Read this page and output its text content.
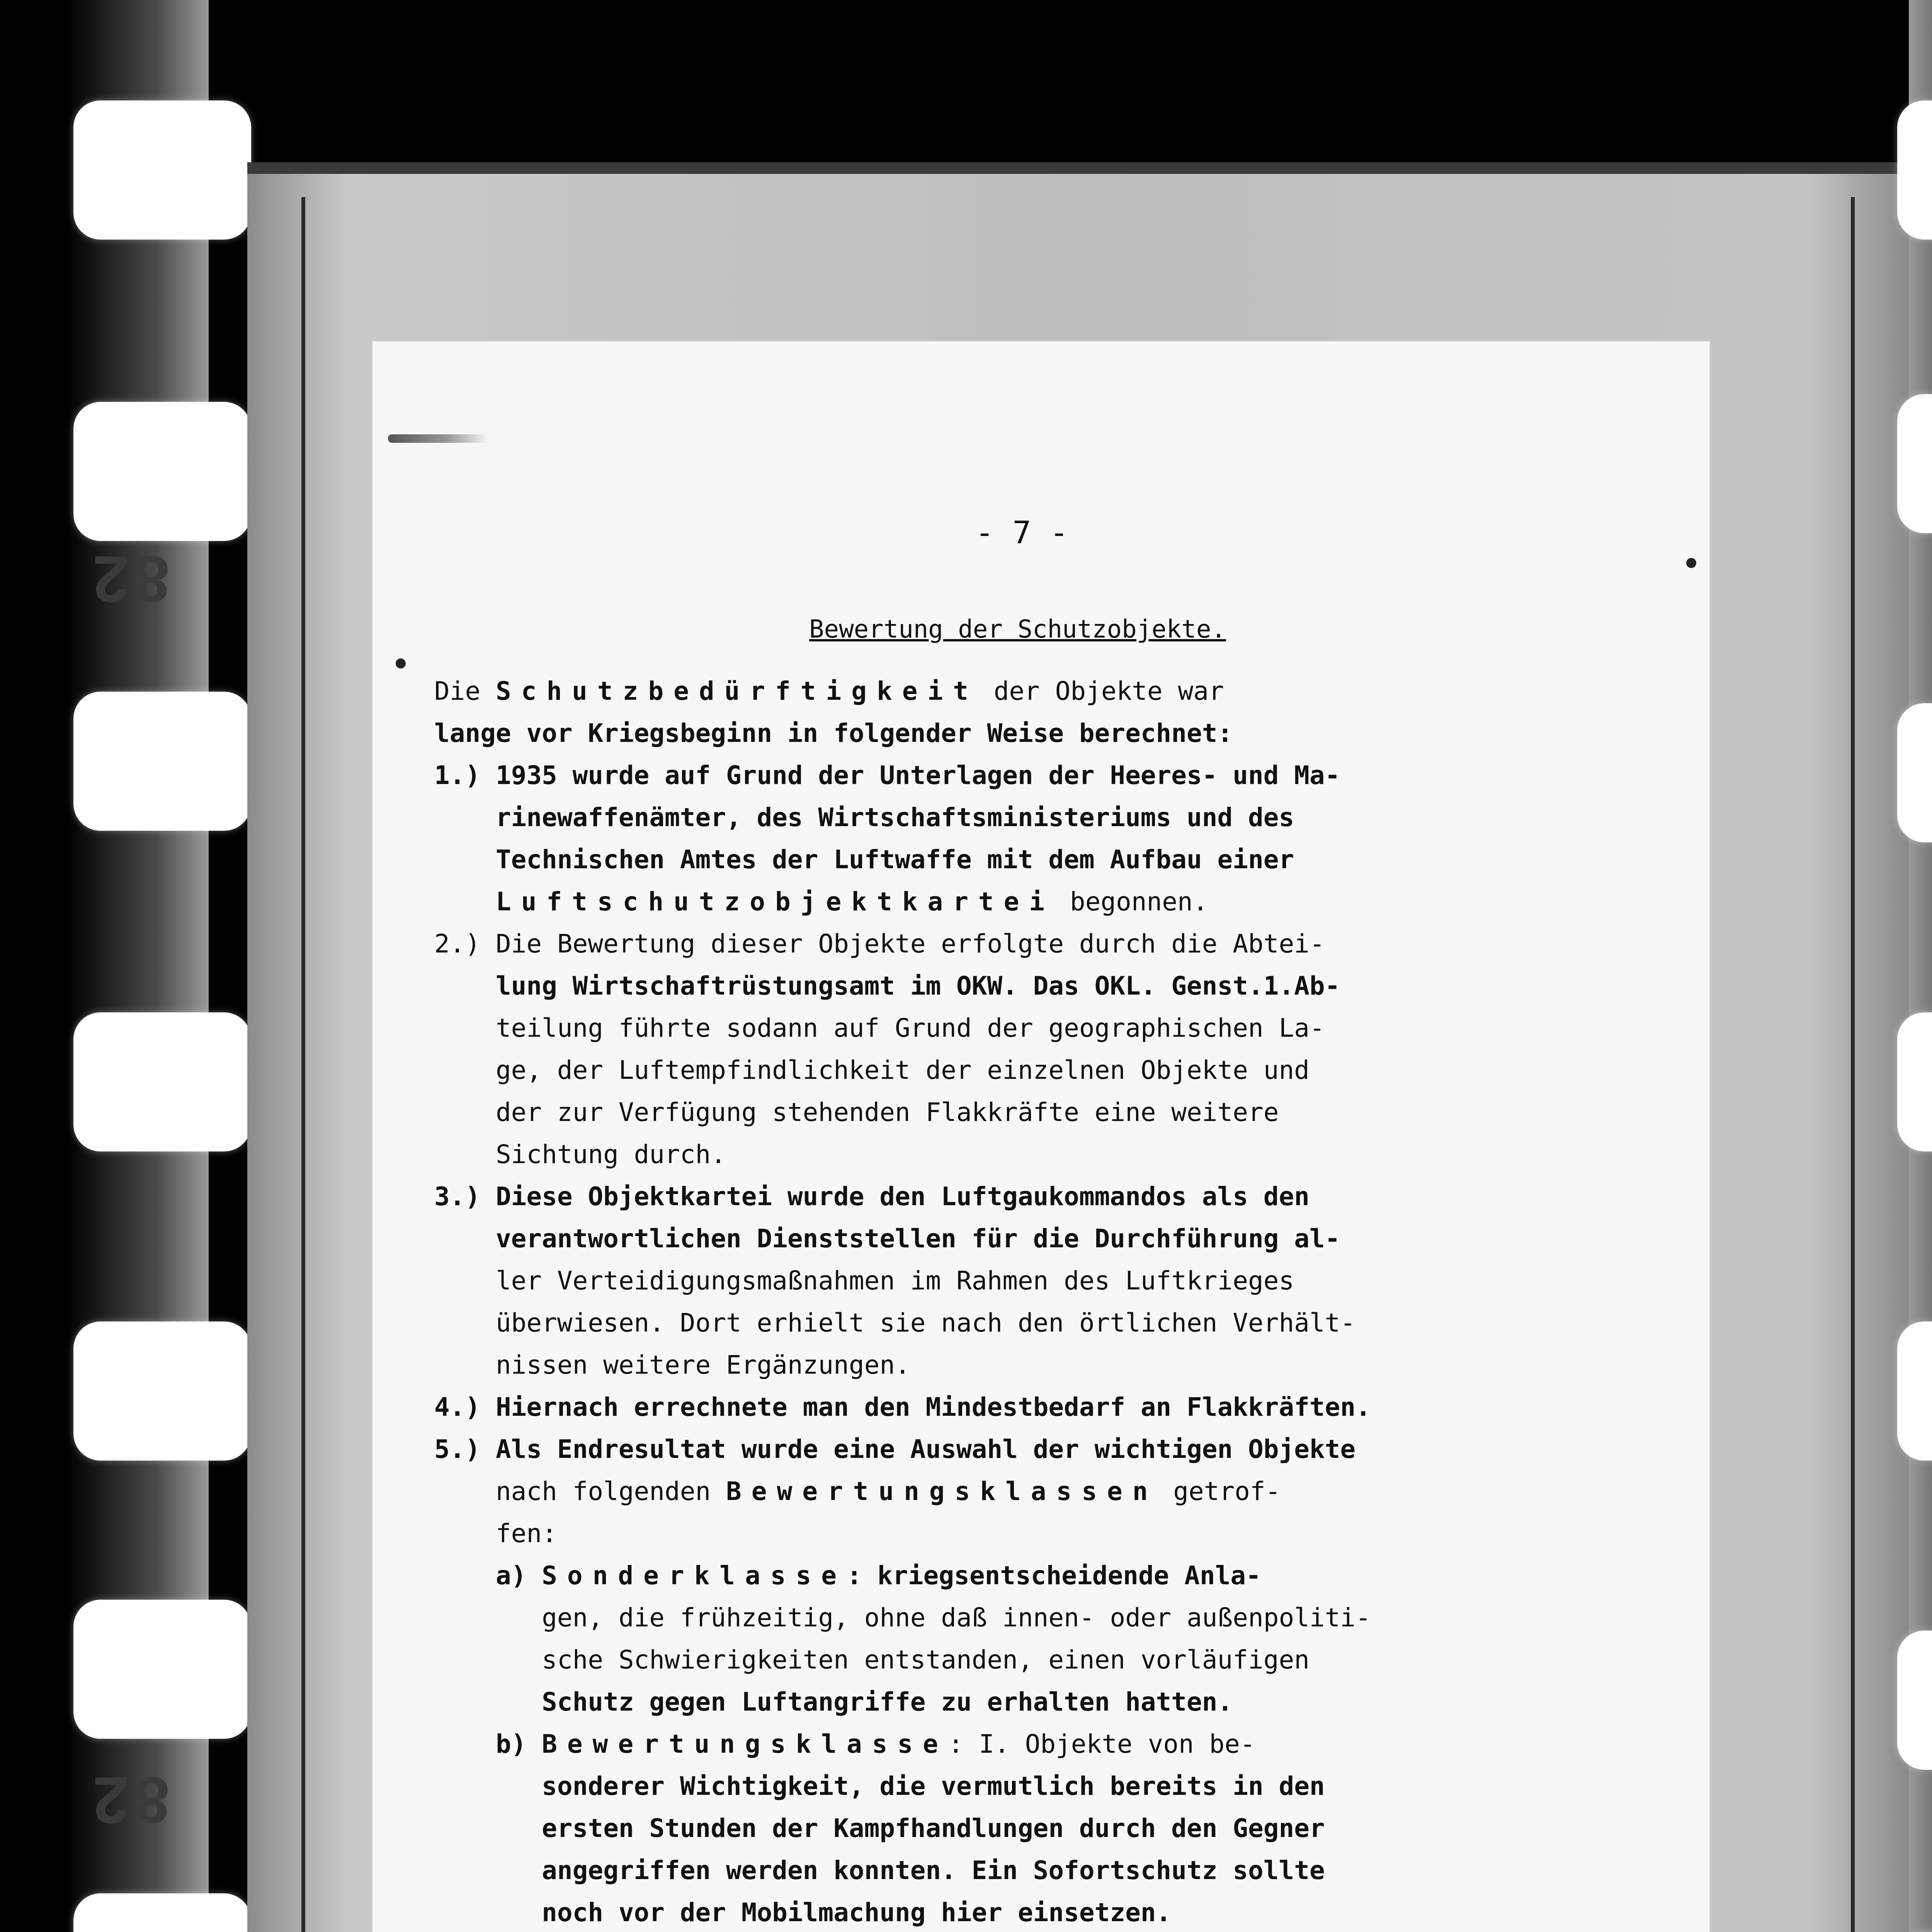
82
82
- 7 -
Bewertung der Schutzobjekte.
Die Schutzbedürftigkeit der Objekte war
lange vor Kriegsbeginn in folgender Weise berechnet:
1.) 1935 wurde auf Grund der Unterlagen der Heeres- und Ma-
rinewaffenämter, des Wirtschaftsministeriums und des
Technischen Amtes der Luftwaffe mit dem Aufbau einer
Luftschutzobjektkartei begonnen.
2.) Die Bewertung dieser Objekte erfolgte durch die Abtei-
lung Wirtschaftrüstungsamt im OKW. Das OKL. Genst.1.Ab-
teilung führte sodann auf Grund der geographischen La-
ge, der Luftempfindlichkeit der einzelnen Objekte und
der zur Verfügung stehenden Flakkräfte eine weitere
Sichtung durch.
3.) Diese Objektkartei wurde den Luftgaukommandos als den
verantwortlichen Dienststellen für die Durchführung al-
ler Verteidigungsmaßnahmen im Rahmen des Luftkrieges
überwiesen. Dort erhielt sie nach den örtlichen Verhält-
nissen weitere Ergänzungen.
4.) Hiernach errechnete man den Mindestbedarf an Flakkräften.
5.) Als Endresultat wurde eine Auswahl der wichtigen Objekte
nach folgenden Bewertungsklassen getrof-
fen:
a) Sonderklasse: kriegsentscheidende Anla-
gen, die frühzeitig, ohne daß innen- oder außenpoliti-
sche Schwierigkeiten entstanden, einen vorläufigen
Schutz gegen Luftangriffe zu erhalten hatten.
b) Bewertungsklasse: I. Objekte von be-
sonderer Wichtigkeit, die vermutlich bereits in den
ersten Stunden der Kampfhandlungen durch den Gegner
angegriffen werden konnten. Ein Sofortschutz sollte
noch vor der Mobilmachung hier einsetzen.
